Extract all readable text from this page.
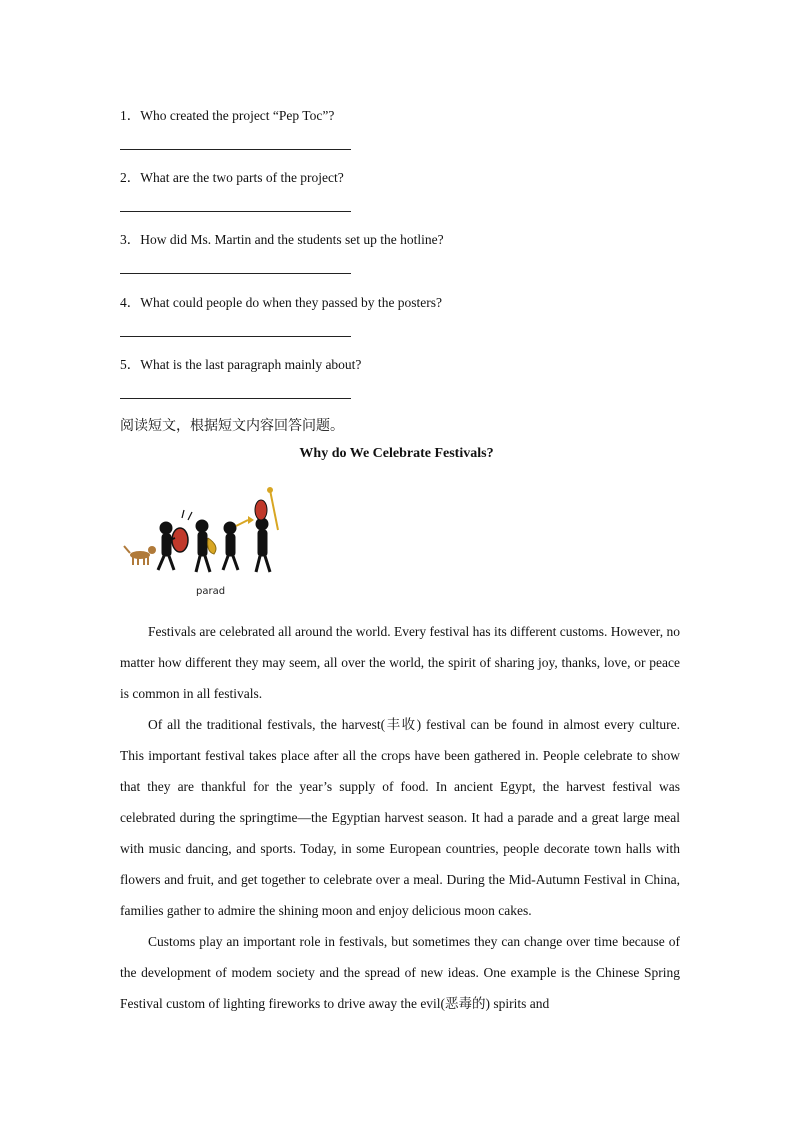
1．Who created the project “Pep Toc”?
2．What are the two parts of the project?
3．How did Ms. Martin and the students set up the hotline?
4．What could people do when they passed by the posters?
5．What is the last paragraph mainly about?
阅读短文，根据短文内容回答问题。
Why do We Celebrate Festivals?
parad

Festivals are celebrated all around the world. Every festival has its different customs. However, no matter how different they may seem, all over the world, the spirit of sharing joy, thanks, love, or peace is common in all festivals.

Of all the traditional festivals, the harvest(丰收) festival can be found in almost every culture. This important festival takes place after all the crops have been gathered in. People celebrate to show that they are thankful for the year’s supply of food. In ancient Egypt, the harvest festival was celebrated during the springtime—the Egyptian harvest season. It had a parade and a great large meal with music dancing, and sports. Today, in some European countries, people decorate town halls with flowers and fruit, and get together to celebrate over a meal. During the Mid-Autumn Festival in China, families gather to admire the shining moon and enjoy delicious moon cakes.

Customs play an important role in festivals, but sometimes they can change over time because of the development of modem society and the spread of new ideas. One example is the Chinese Spring Festival custom of lighting fireworks to drive away the evil(恶毒的) spirits and
